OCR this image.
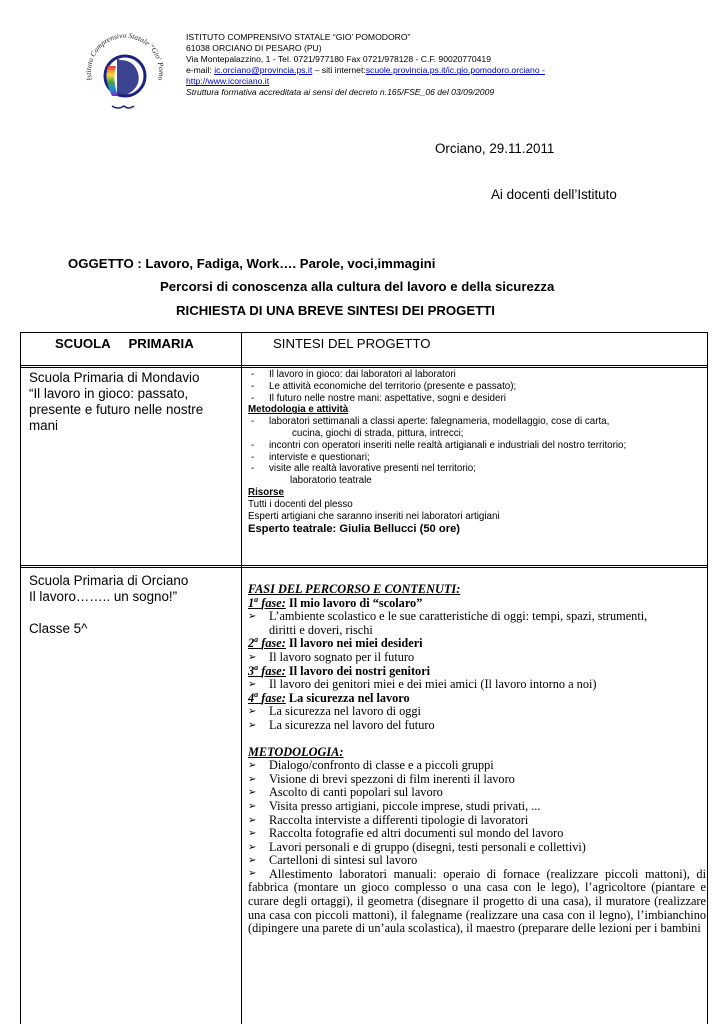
Istituto Comprensivo Statale "Gio' Pomo
ISTITUTO COMPRENSIVO STATALE “GIO’ POMODORO”
61038 ORCIANO DI PESARO (PU)
Via Montepalazzino, 1 - Tel. 0721/977180 Fax 0721/978128 - C.F. 90020770419
e-mail: ic.orciano@provincia.ps.it – siti internet:scuole.provincia.ps.it/ic.gio.pomodoro.orciano -
http://www.icorciano.it
Struttura formativa accreditata ai sensi del decreto n.165/FSE_06 del 03/09/2009
Orciano, 29.11.2011
Ai docenti dell’Istituto
OGGETTO : Lavoro, Fadiga, Work…. Parole, voci,immagini
Percorsi di conoscenza alla cultura del lavoro e della sicurezza
RICHIESTA DI UNA BREVE SINTESI DEI PROGETTI
SCUOLA     PRIMARIA	SINTESI DEL PROGETTO
Scuola Primaria di Mondavio
“Il lavoro in gioco: passato,
presente e futuro nelle nostre
mani
- Il lavoro in gioco: dai laboratori al laboratori
- Le attività economiche del territorio (presente e passato);
- Il futuro nelle nostre mani: aspettative, sogni e desideri
Metodologia e attività
- laboratori settimanali a classi aperte: falegnameria, modellaggio, cose di carta,
cucina, giochi di strada, pittura, intrecci;
- incontri con operatori inseriti nelle realtà artigianali e industriali del nostro territorio;
- interviste e questionari;
- visite alle realtà lavorative presenti nel territorio;
laboratorio teatrale
Risorse
Tutti i docenti del plesso
Esperti artigiani che saranno inseriti nei laboratori artigiani
Esperto teatrale: Giulia Bellucci (50 ore)
Scuola Primaria di Orciano
Il lavoro…….. un sogno!”
Classe 5^
FASI DEL PERCORSO E CONTENUTI:
1$^a$ fase: Il mio lavoro di “scolaro”
➢ L’ambiente scolastico e le sue caratteristiche di oggi: tempi, spazi, strumenti,
diritti e doveri, rischi
2$^a$ fase: Il lavoro nei miei desideri
➢ Il lavoro sognato per il futuro
3$^a$ fase: Il lavoro dei nostri genitori
➢ Il lavoro dei genitori miei e dei miei amici (Il lavoro intorno a noi)
4$^a$ fase: La sicurezza nel lavoro
➢ La sicurezza nel lavoro di oggi
➢ La sicurezza nel lavoro del futuro
METODOLOGIA:
➢ Dialogo/confronto di classe e a piccoli gruppi
➢ Visione di brevi spezzoni di film inerenti il lavoro
➢ Ascolto di canti popolari sul lavoro
➢ Visita presso artigiani, piccole imprese, studi privati, ...
➢ Raccolta interviste a differenti tipologie di lavoratori
➢ Raccolta fotografie ed altri documenti sul mondo del lavoro
➢ Lavori personali e di gruppo (disegni, testi personali e collettivi)
➢ Cartelloni di sintesi sul lavoro
➢ Allestimento laboratori manuali: operaio di fornace (realizzare piccoli mattoni), di fabbrica (montare un gioco complesso o una casa con le lego), l’agricoltore (piantare e curare degli ortaggi), il geometra (disegnare il progetto di una casa), il muratore (realizzare una casa con piccoli mattoni), il falegname (realizzare una casa con il legno), l’imbianchino (dipingere una parete di un’aula scolastica), il maestro (preparare delle lezioni per i bambini
